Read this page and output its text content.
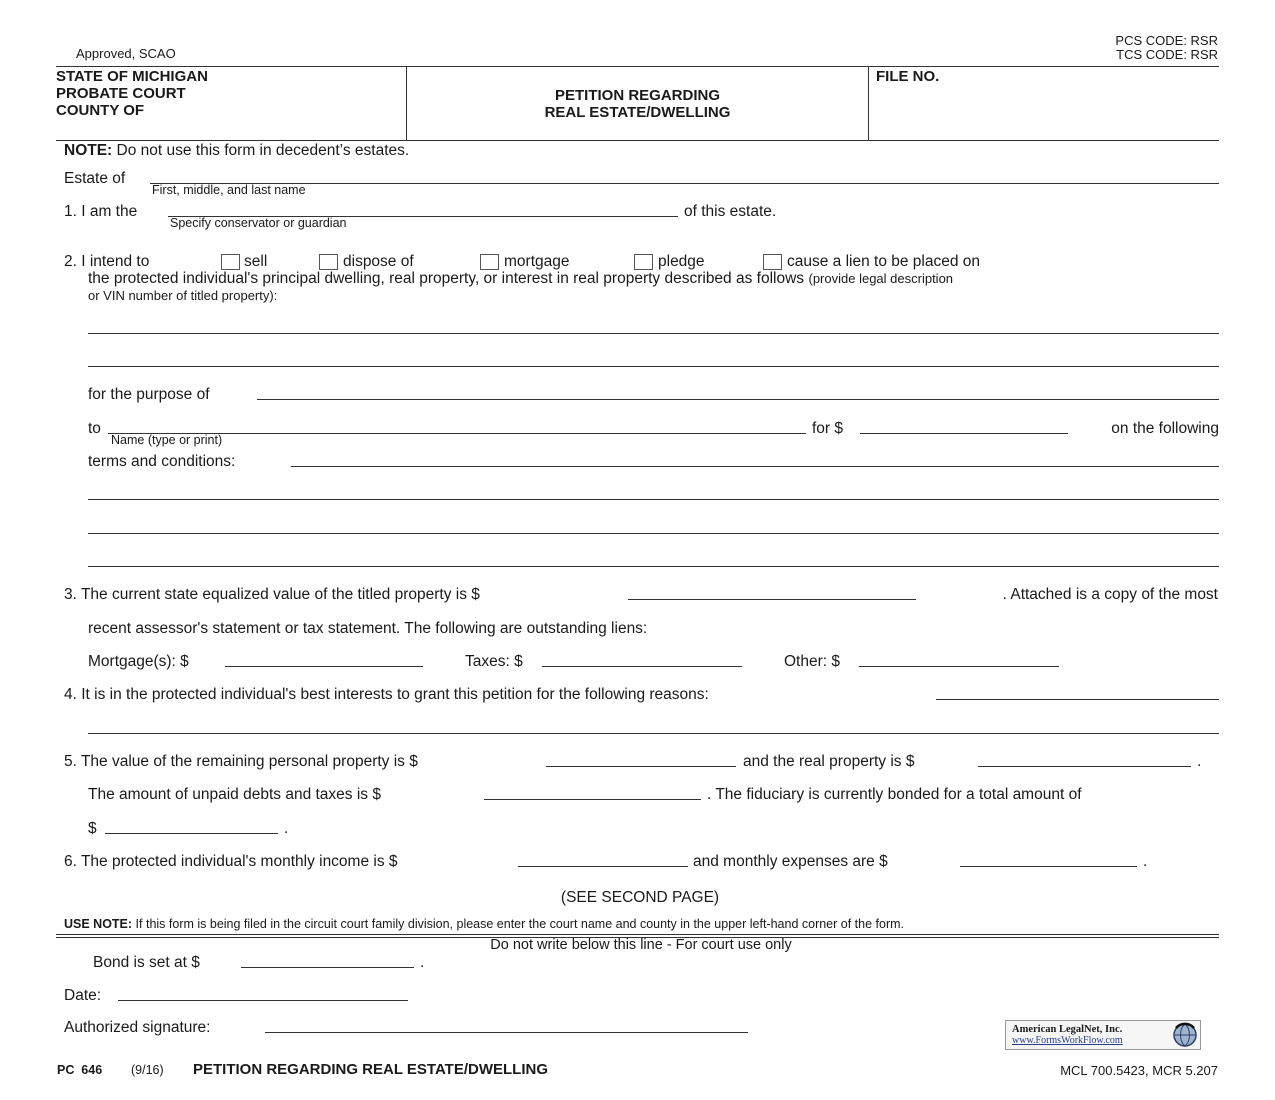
Approved, SCAO
PCS CODE: RSR
TCS CODE: RSR
STATE OF MICHIGAN
PROBATE COURT
COUNTY OF
PETITION REGARDING
REAL ESTATE/DWELLING
FILE NO.
NOTE: Do not use this form in decedent’s estates.
Estate of
First, middle, and last name
1. I am the
Specify conservator or guardian
of this estate.
2. I intend to	sell	dispose of	mortgage	pledge	cause a lien to be placed on
the protected individual's principal dwelling, real property, or interest in real property described as follows (provide legal description
or VIN number of titled property):
for the purpose of
to
Name (type or print)
for $	on the following
terms and conditions:
3. The current state equalized value of the titled property is $	. Attached is a copy of the most
recent assessor's statement or tax statement. The following are outstanding liens:
Mortgage(s): $	Taxes: $	Other: $
4. It is in the protected individual's best interests to grant this petition for the following reasons:
5. The value of the remaining personal property is $	and the real property is $	.
The amount of unpaid debts and taxes is $	. The fiduciary is currently bonded for a total amount of
$	.
6. The protected individual's monthly income is $	and monthly expenses are $	.
(SEE SECOND PAGE)
USE NOTE: If this form is being filed in the circuit court family division, please enter the court name and county in the upper left-hand corner of the form.
Do not write below this line - For court use only
Bond is set at $	.
Date:
Authorized signature:	American LegalNet, Inc.
www.FormsWorkFlow.com
PC  646 (9/16) PETITION REGARDING REAL ESTATE/DWELLING	MCL 700.5423, MCR 5.207
